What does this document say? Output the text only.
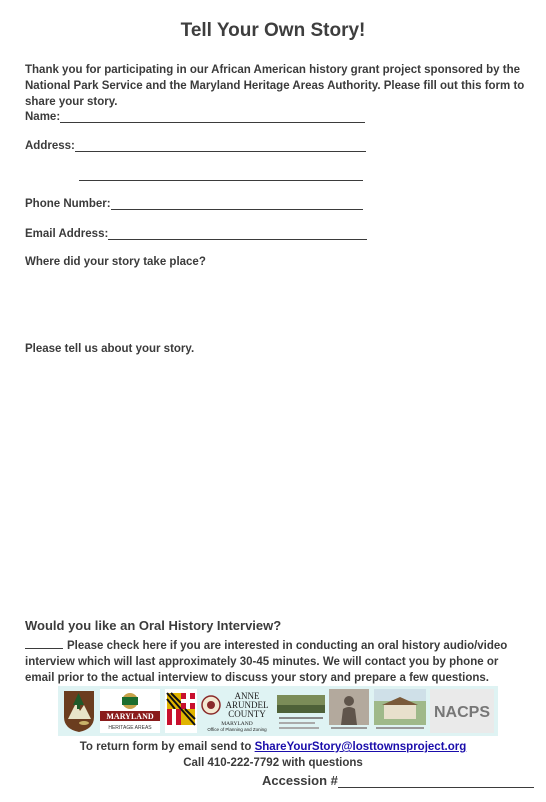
Tell Your Own Story!
Thank you for participating in our African American history grant project sponsored by the National Park Service and the Maryland Heritage Areas Authority. Please fill out this form to share your story.
Name:
Address:
Phone Number:
Email Address:
Where did your story take place?
Please tell us about your story.
Would you like an Oral History Interview?
Please check here if you are interested in conducting an oral history audio/video interview which will last approximately 30-45 minutes. We will contact you by phone or email prior to the actual interview to discuss your story and prepare a few questions.
MARYLAND
HERITAGE AREAS
ANNE
ARUNDEL
COUNTY
MARYLAND
Office of Planning and Zoning
NACPS
To return form by email send to ShareYourStory@losttownsproject.org
Call 410-222-7792 with questions
Accession #
